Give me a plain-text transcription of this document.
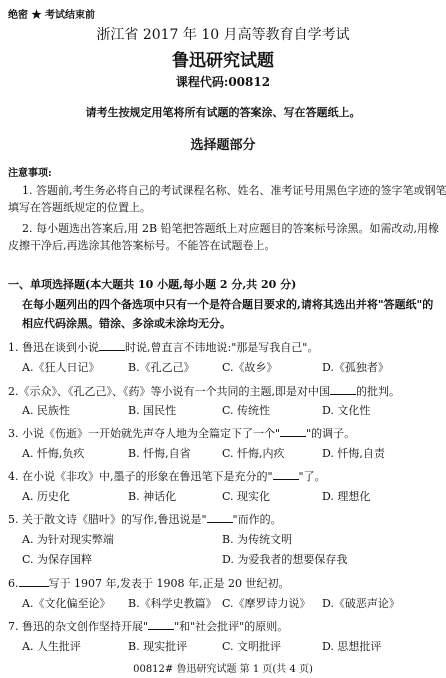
绝密 ★ 考试结束前
浙江省 2017 年 10 月高等教育自学考试
鲁迅研究试题
课程代码:00812
请考生按规定用笔将所有试题的答案涂、写在答题纸上。
选择题部分
注意事项:
1. 答题前,考生务必将自己的考试课程名称、姓名、准考证号用黑色字迹的签字笔或钢笔
填写在答题纸规定的位置上。
2. 每小题选出答案后,用 2B 铅笔把答题纸上对应题目的答案标号涂黑。如需改动,用橡
皮擦干净后,再选涂其他答案标号。不能答在试题卷上。
一、单项选择题(本大题共 10 小题,每小题 2 分,共 20 分)
在每小题列出的四个备选项中只有一个是符合题目要求的,请将其选出并将"答题纸"的
相应代码涂黑。错涂、多涂或未涂均无分。
1. 鲁迅在谈到小说 时说,曾直言不讳地说:"那是写我自己"。
A.《狂人日记》	B.《孔乙己》 C.《故乡》	D.《孤独者》
2.《示众》、《孔乙己》、《药》等小说有一个共同的主题,即是对中国 的批判。
A. 民族性	B. 国民性	C. 传统性	D. 文化性
3. 小说《伤逝》一开始就先声夺人地为全篇定下了一个" "的调子。
A. 忏悔,负疚	B. 忏悔,自省	C. 忏悔,内疚	D. 忏悔,自责
4. 在小说《非攻》中,墨子的形象在鲁迅笔下是充分的" "了。
A. 历史化	B. 神话化	C. 现实化	D. 理想化
5. 关于散文诗《腊叶》的写作,鲁迅说是" "而作的。
A. 为针对现实弊端	B. 为传统文明
C. 为保存国粹	D. 为爱我者的想要保存我
6.	写于 1907 年,发表于 1908 年,正是 20 世纪初。
A.《文化偏至论》 B.《科学史教篇》 C.《摩罗诗力说》 D.《破恶声论》
7. 鲁迅的杂文创作坚持开展" "和"社会批评"的原则。
A. 人生批评	B. 现实批评	C. 文明批评	D. 思想批评
00812# 鲁迅研究试题 第 1 页(共 4 页)
